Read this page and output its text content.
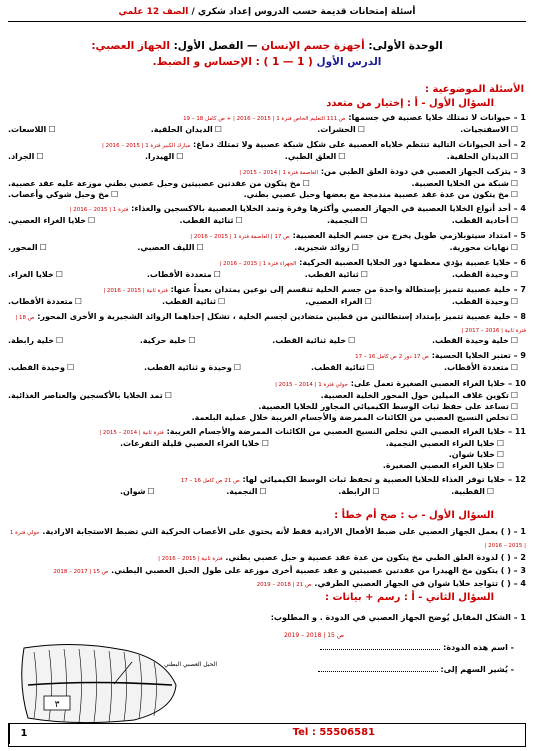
أسئلة إمتحانات قديمة حسب الدروس إعداد شكري / الصف 12 علمي
الوحدة الأولى: أجهزة جسم الإنسان — الفصل الأول: الجهاز العصبي:
الدرس الأول ( 1 — 1 ) : الإحساس و الضبط.
الأسئلة الموضوعية :
السؤال الأول - أ : إختيار من متعدد
1 – حيوانات لا تمتلك خلايا عصبية في جسمها: ص 111 التعليم الخاص فترة 1 | 2015 – 2016 | + ص كامل 18 – 19
☐ الاسفنجيات.
☐ الحشرات.
☐ الديدان الحلقية.
☐ اللاسعات.
2 – أحد الحيوانات التالية تنتظم خلاياه العصبية على شكل شبكة عصبية ولا تمتلك دماغ: مبارك الكبير فترة 1 | 2015 – 2016 |
☐ الديدان الحلقية.
☐ العلق الطبي.
☐ الهيدرا.
☐ الجراد.
3 – يتركب الجهاز العصبي في دودة العلق الطبي من: العاصمة فترة 1 | 2014 – 2015 |
☐ شبكة من الخلايا العصبية.
☐ مخ يتكون من عقدتين عصبيتين وحبل عصبي بطني موزعة عليه عقد عصبية.
☐ مخ يتكون من عدة عقد عصبية مندمجة مع بعضها وحبل عصبي بطني.
☐ مخ وحبل شوكي وأعصاب.
4 – أحد أنواع الخلايا العصبية في الجهاز العصبي وأكثرها وفرة وتمد الخلايا العصبية بالاكسجين والغذاء: فترة 1 | 2015 – 2016 |
☐ أحادية القطب.
☐ النجمية.
☐ ثنائية القطب.
☐ خلايا الغراء العصبي.
5 – امتداد سيتوبلازمي طويل يخرج من جسم الخلية العصبية: ص 17 | العاصمة فترة 1 | 2015 – 2016 |
☐ نهايات محورية.
☐ زوائد شجيرية.
☐ الليف العصبي.
☐ المحور.
6 – خلايا عصبية يؤدي معظمها دور الخلايا العصبية الحركية: الجهراء فترة 1 | 2015 – 2016 |
☐ وحيدة القطب.
☐ ثنائية القطب.
☐ متعددة الأقطاب.
☐ خلايا الغراء.
7 – خلية عصبية تتميز بإستطالة واحدة من جسم الخلية تنقسم إلى نوعين يمتدان بعيداً عنها: فترة ثانية | 2015 – 2016 |
☐ وحيدة القطب.
☐ الغراء العصبي.
☐ ثنائية القطب.
☐ متعددة الأقطاب.
8 – خلية عصبية تتميز بإمتداد إستطالتين من قطبين متضادين لجسم الخلية ، تشكل إحداهما الزوائد الشجيرية و الأخرى المحور: ص 18 | فترة ثانية | 2016 – 2017 |
☐ خلية وحيدة القطب.
☐ خلية ثنائية القطب.
☐ خلية حركية.
☐ خلية رابطة.
9 – تعتبر الخلايا الحسية: ص 17 دور 2 ص كامل 16 – 17
☐ متعددة الأقطاب.
☐ ثنائية القطب.
☐ وحيدة و ثنائية القطب.
☐ وحيدة القطب.
10 – خلايا الغراء العصبي الصغيرة تعمل على: حولي فترة 1 | 2014 – 2015 |
☐ تكوين غلاف الميلين حول المحور الخلية العصبية.
☐ تمد الخلايا بالأكسجين والعناصر الغذائية.
☐ تساعد على حفظ ثبات الوسط الكيميائي المجاور للخلايا العصبية.
☐ تخلص النسيج العصبي من الكائنات الممرضة والأجسام الغريبة خلال عملية البلعمة.
11 – خلايا الغراء العصبي التي تخلص النسيج العصبي من الكائنات الممرضة والأجسام الغريبة: فترة ثانية | 2014 – 2015 |
☐ خلايا الغراء العصبي النجمية.
☐ خلايا الغراء العصبي قليلة التفرعات.
☐ خلايا شوان.
☐ خلايا الغراء العصبي الصغيرة.
12 – خلايا توفر الغذاء للخلايا العصبية و تحفظ ثبات الوسط الكيميائي لها: ص 21 ص كامل 16 – 17
☐ القطبية.
☐ الرابطة.
☐ النجمية.
☐ شوان.
السؤال الأول - ب : صح أم خطأ :
1 – ( ) يعمل الجهاز العصبي على ضبط الأفعال الارادية فقط لأنه يحتوي على الأعصاب الحركية التي تضبط الاستجابة الارادية. حولي فترة 1 | 2015 – 2016 |
2 – ( ) لدودة العلق الطبي مخ يتكون من عدة عقد عصبية و حبل عصبي بطني. فترة ثانية | 2015 – 2016 |
3 – ( ) يتكون مخ الهيدرا من عقدتين عصبيتين و عقد عصبية أخرى موزعة على طول الحبل العصبي البطني. ص 15 | 2017 – 2018
4 – ( ) تتواجد خلايا شوان في الجهاز العصبي الطرفي. ص 21 | 2018 – 2019
السؤال الثاني - أ : رسم + بيانات :
1 – الشكل المقابل يُوضح الجهاز العصبي في الدودة . و المطلوب:
ص 15 | 2018 – 2019
- اسم هذه الدودة:
- يُشير السهم إلى:
٣
الحبل العصبي البطني
1	Tel : 55506581
